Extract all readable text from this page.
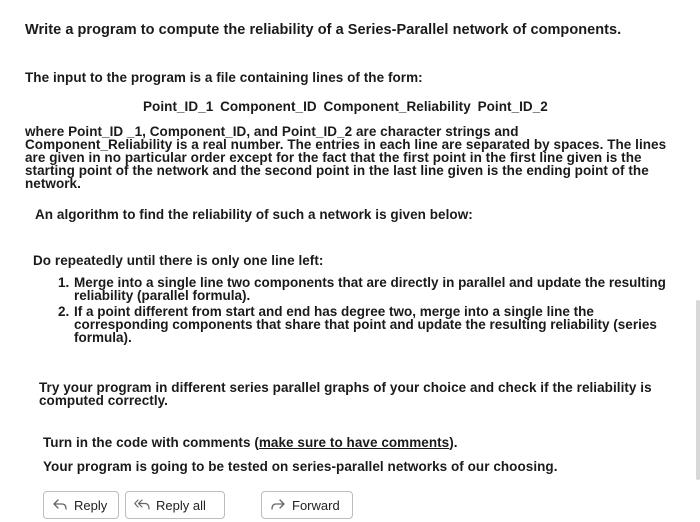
Write a program to compute the reliability of a Series-Parallel network of components.
The input to the program is a file containing lines of the form:
Point_ID_1 Component_ID Component_Reliability Point_ID_2
where Point_ID _1, Component_ID, and Point_ID_2 are character strings and
Component_Reliability is a real number. The entries in each line are separated by spaces. The lines
are given in no particular order except for the fact that the first point in the first line given is the
starting point of the network and the second point in the last line given is the ending point of the
network.
An algorithm to find the reliability of such a network is given below:
Do repeatedly until there is only one line left:
1. Merge into a single line two components that are directly in parallel and update the resulting
reliability (parallel formula).
2. If a point different from start and end has degree two, merge into a single line the
corresponding components that share that point and update the resulting reliability (series
formula).
Try your program in different series parallel graphs of your choice and check if the reliability is
computed correctly.
Turn in the code with comments (make sure to have comments).
Your program is going to be tested on series-parallel networks of our choosing.
Reply	Reply all	Forward
